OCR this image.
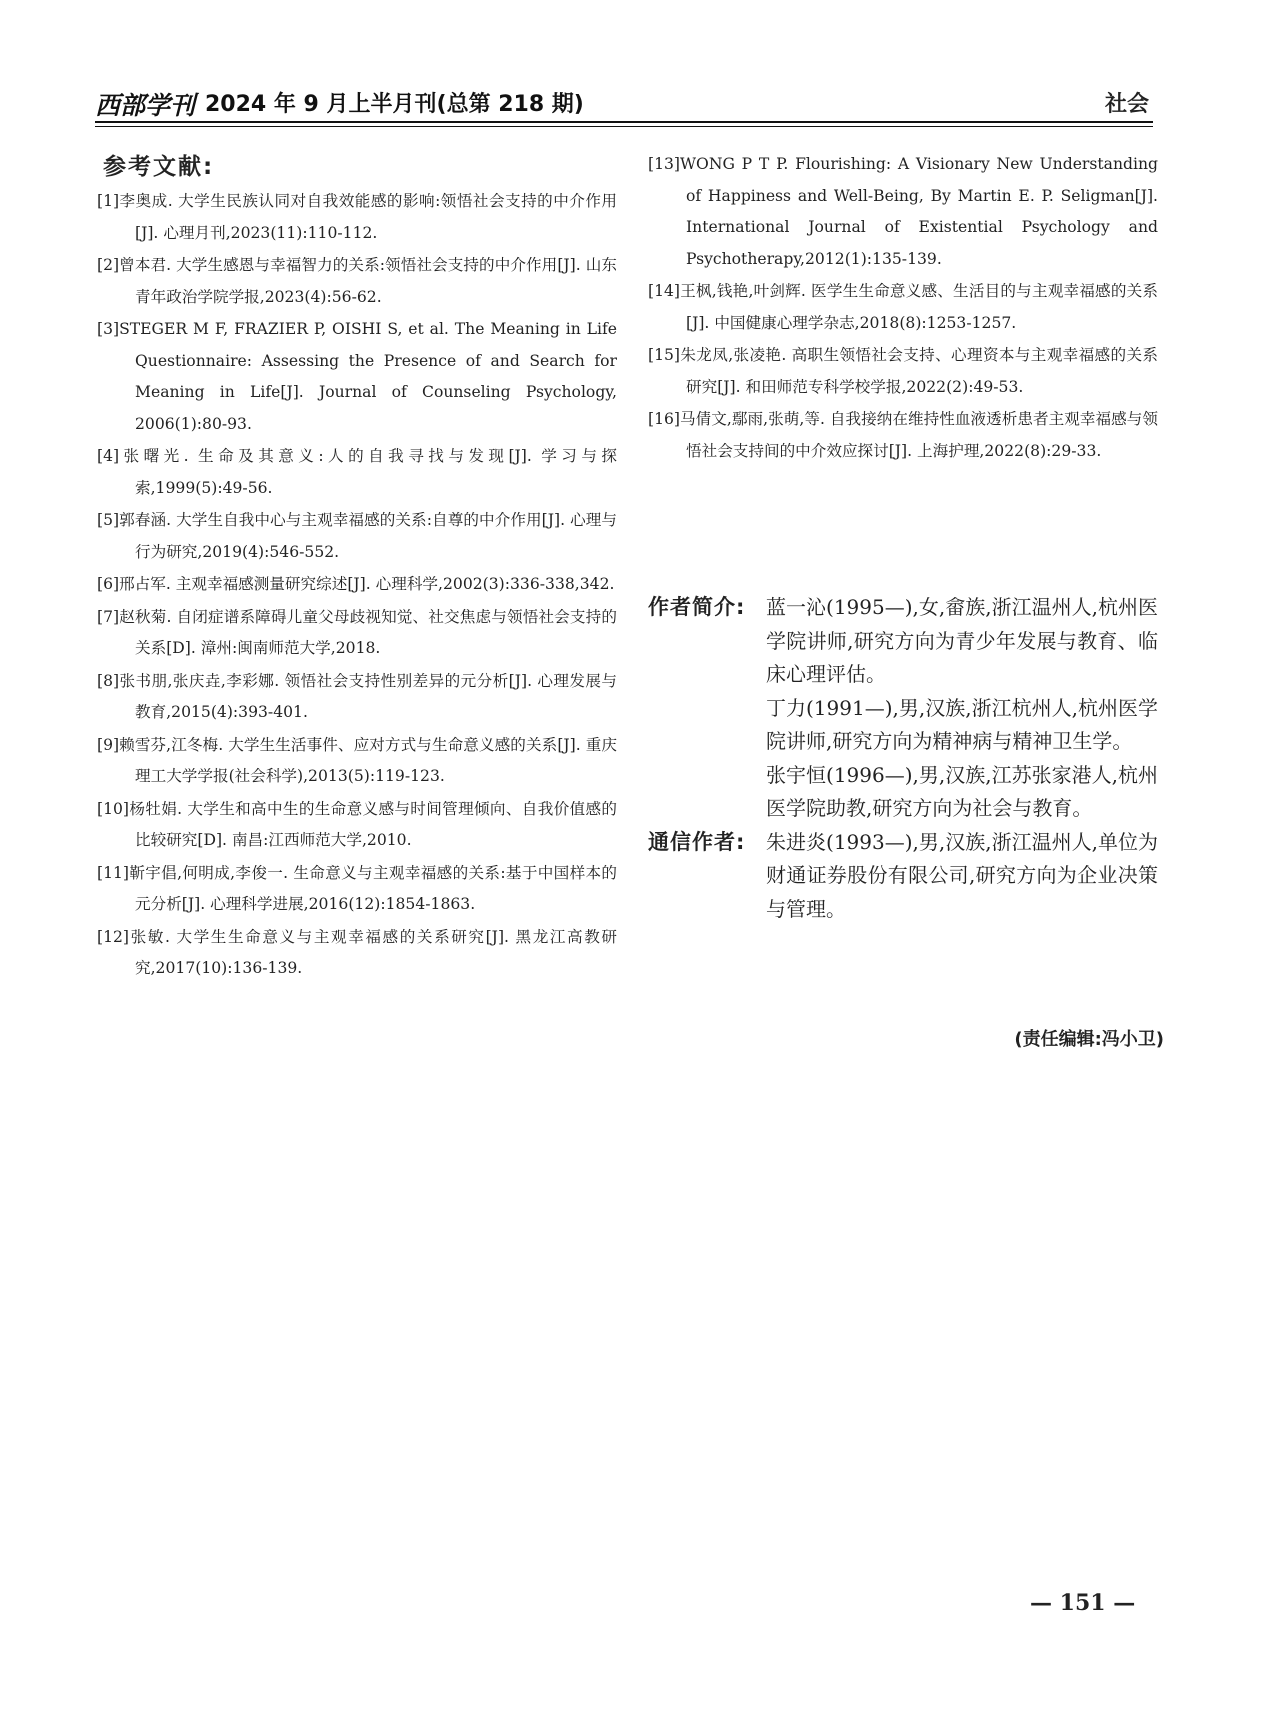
西部学刊 2024 年 9 月上半月刊(总第 218 期)	社会
参考文献:
[1]李奥成. 大学生民族认同对自我效能感的影响:领悟社会支持的中介作用[J]. 心理月刊,2023(11):110-112.
[2]曾本君. 大学生感恩与幸福智力的关系:领悟社会支持的中介作用[J]. 山东青年政治学院学报,2023(4):56-62.
[3]STEGER M F, FRAZIER P, OISHI S, et al. The Meaning in Life Questionnaire: Assessing the Presence of and Search for Meaning in Life[J]. Journal of Counseling Psychology, 2006(1):80-93.
[4]张曙光. 生命及其意义:人的自我寻找与发现[J]. 学习与探索,1999(5):49-56.
[5]郭春涵. 大学生自我中心与主观幸福感的关系:自尊的中介作用[J]. 心理与行为研究,2019(4):546-552.
[6]邢占军. 主观幸福感测量研究综述[J]. 心理科学,2002(3):336-338,342.
[7]赵秋菊. 自闭症谱系障碍儿童父母歧视知觉、社交焦虑与领悟社会支持的关系[D]. 漳州:闽南师范大学,2018.
[8]张书朋,张庆垚,李彩娜. 领悟社会支持性别差异的元分析[J]. 心理发展与教育,2015(4):393-401.
[9]赖雪芬,江冬梅. 大学生生活事件、应对方式与生命意义感的关系[J]. 重庆理工大学学报(社会科学),2013(5):119-123.
[10]杨牡娟. 大学生和高中生的生命意义感与时间管理倾向、自我价值感的比较研究[D]. 南昌:江西师范大学,2010.
[11]靳宇倡,何明成,李俊一. 生命意义与主观幸福感的关系:基于中国样本的元分析[J]. 心理科学进展,2016(12):1854-1863.
[12]张敏. 大学生生命意义与主观幸福感的关系研究[J]. 黑龙江高教研究,2017(10):136-139.
[13]WONG P T P. Flourishing: A Visionary New Understanding of Happiness and Well-Being, By Martin E. P. Seligman[J]. International Journal of Existential Psychology and Psychotherapy,2012(1):135-139.
[14]王枫,钱艳,叶剑辉. 医学生生命意义感、生活目的与主观幸福感的关系[J]. 中国健康心理学杂志,2018(8):1253-1257.
[15]朱龙凤,张凌艳. 高职生领悟社会支持、心理资本与主观幸福感的关系研究[J]. 和田师范专科学校学报,2022(2):49-53.
[16]马倩文,鄢雨,张萌,等. 自我接纳在维持性血液透析患者主观幸福感与领悟社会支持间的中介效应探讨[J]. 上海护理,2022(8):29-33.
作者简介: 蓝一沁(1995—),女,畲族,浙江温州人,杭州医学院讲师,研究方向为青少年发展与教育、临床心理评估。
丁力(1991—),男,汉族,浙江杭州人,杭州医学院讲师,研究方向为精神病与精神卫生学。
张宇恒(1996—),男,汉族,江苏张家港人,杭州医学院助教,研究方向为社会与教育。
通信作者: 朱进炎(1993—),男,汉族,浙江温州人,单位为财通证券股份有限公司,研究方向为企业决策与管理。
(责任编辑:冯小卫)
— 151 —
